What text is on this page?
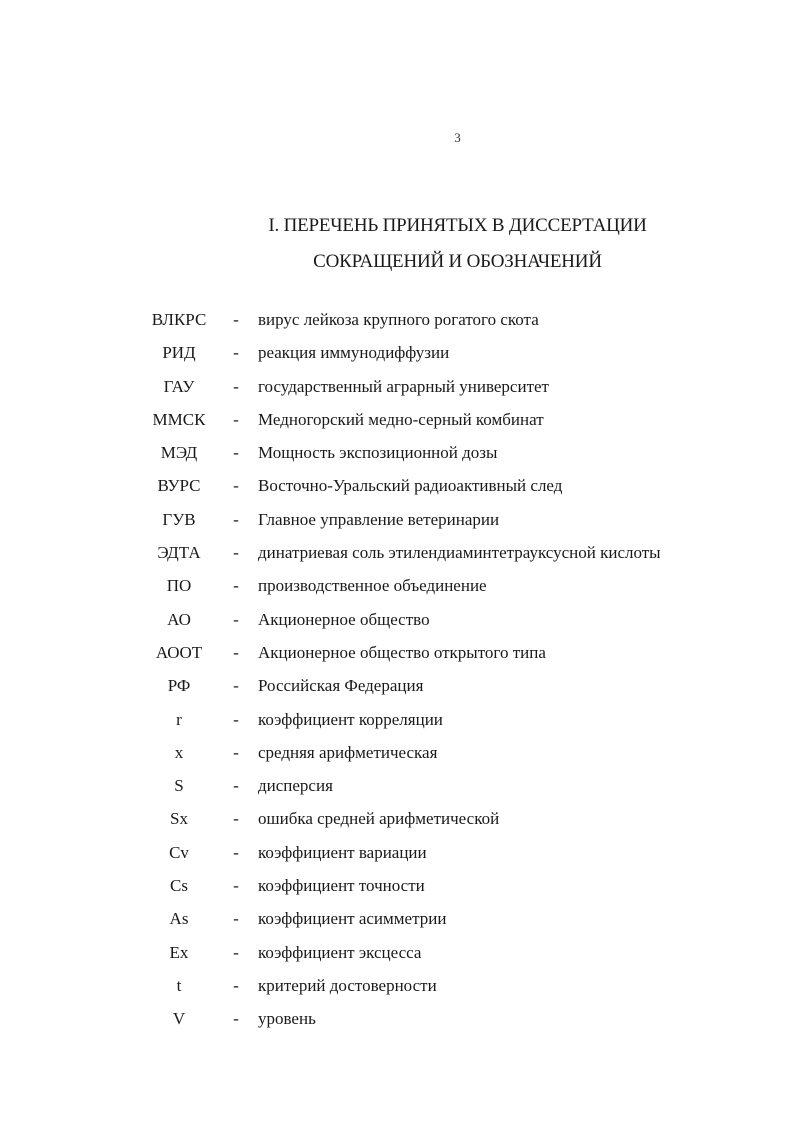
3
I. ПЕРЕЧЕНЬ ПРИНЯТЫХ В ДИССЕРТАЦИИ
СОКРАЩЕНИЙ И ОБОЗНАЧЕНИЙ
ВЛКРС	- вирус лейкоза крупного рогатого скота
РИД	- реакция иммунодиффузии
ГАУ	- государственный аграрный университет
ММСК	- Медногорский медно-серный комбинат
МЭД	- Мощность экспозиционной дозы
ВУРС	- Восточно-Уральский радиоактивный след
ГУВ	- Главное управление ветеринарии
ЭДТА	- динатриевая соль этилендиаминтетрауксусной кислоты
ПО	- производственное объединение
АО	- Акционерное общество
АООТ	- Акционерное общество открытого типа
РФ	- Российская Федерация
r	- коэффициент корреляции
x	- средняя арифметическая
S	- дисперсия
Sx	- ошибка средней арифметической
Cv	- коэффициент вариации
Cs	- коэффициент точности
As	- коэффициент асимметрии
Ex	- коэффициент эксцесса
t	- критерий достоверности
V	- уровень
